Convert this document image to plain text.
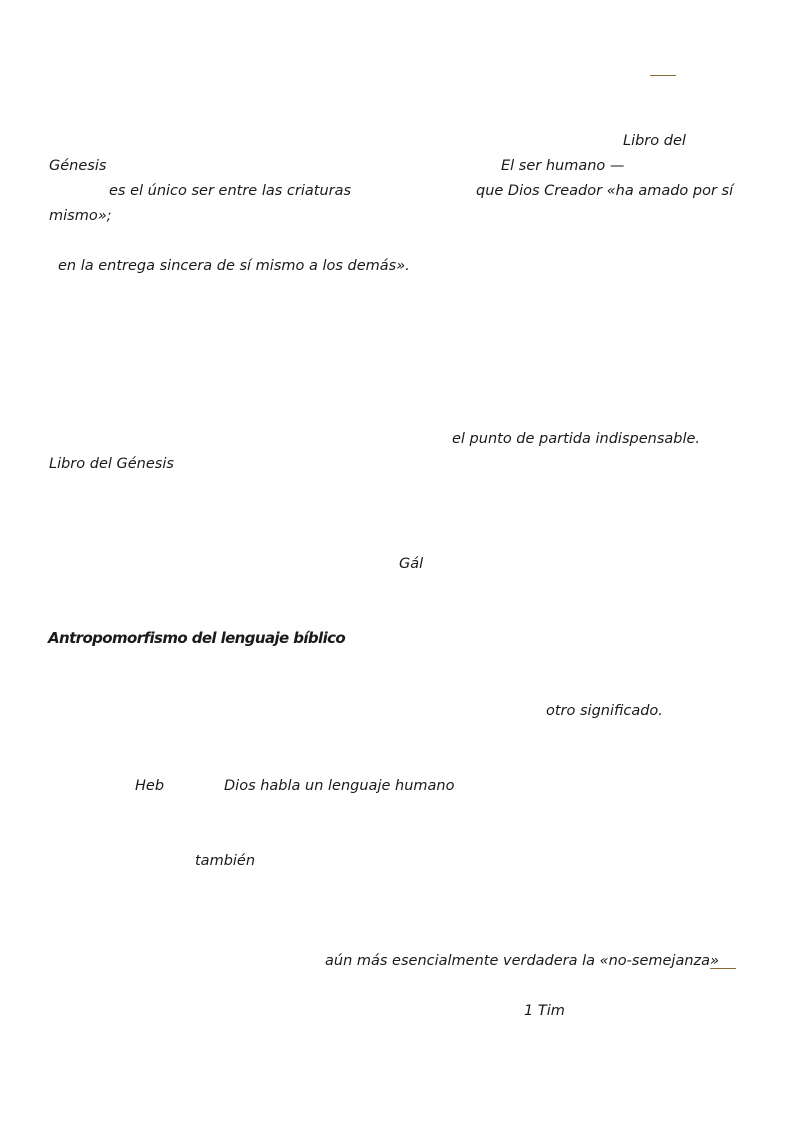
Libro del
Génesis	El ser humano —
es el único ser entre las criaturas	que Dios Creador «ha amado por sí
mismo»;
en la entrega sincera de sí mismo a los demás».
el punto de partida indispensable.
Libro del Génesis
Gál
Antropomorfismo del lenguaje bíblico
otro significado.
Heb	Dios habla un lenguaje humano
también
aún más esencialmente verdadera la «no-semejanza»
1 Tim
